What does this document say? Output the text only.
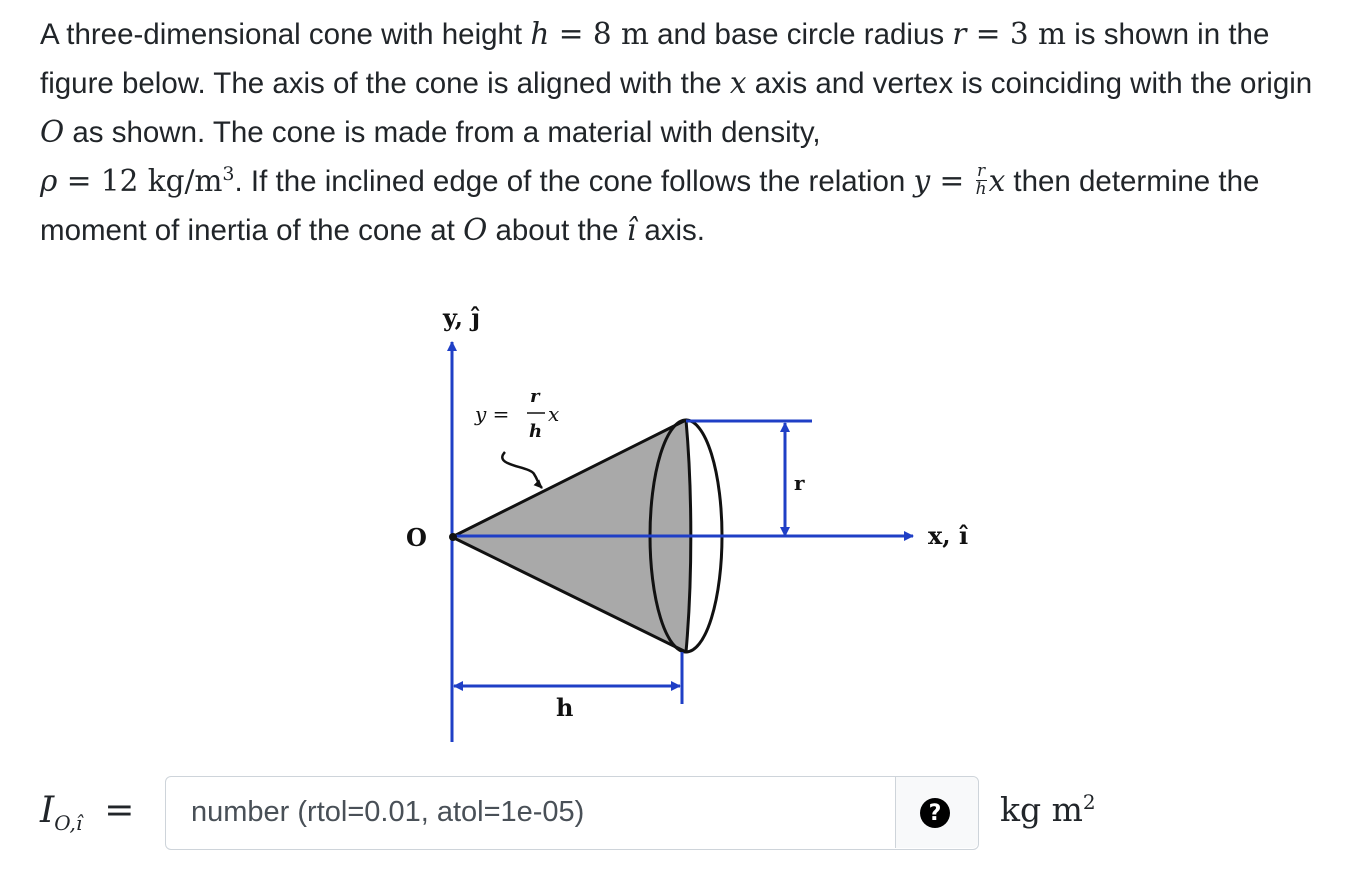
A three-dimensional cone with height h = 8 m and base circle radius r = 3 m is shown in the figure below. The axis of the cone is aligned with the x axis and vertex is coinciding with the origin O as shown. The cone is made from a material with density,
ρ = 12 $kg/m^3$. If the inclined edge of the cone follows the relation $y = \frac{r}{h}$ x then determine the moment of inertia of the cone at O about the î axis.
y, ĵ
x, î
O
r
h
y =
r
h
x
$I_{O,î}$ =
number (rtol=0.01, atol=1e-05)	? kg $m^2$
